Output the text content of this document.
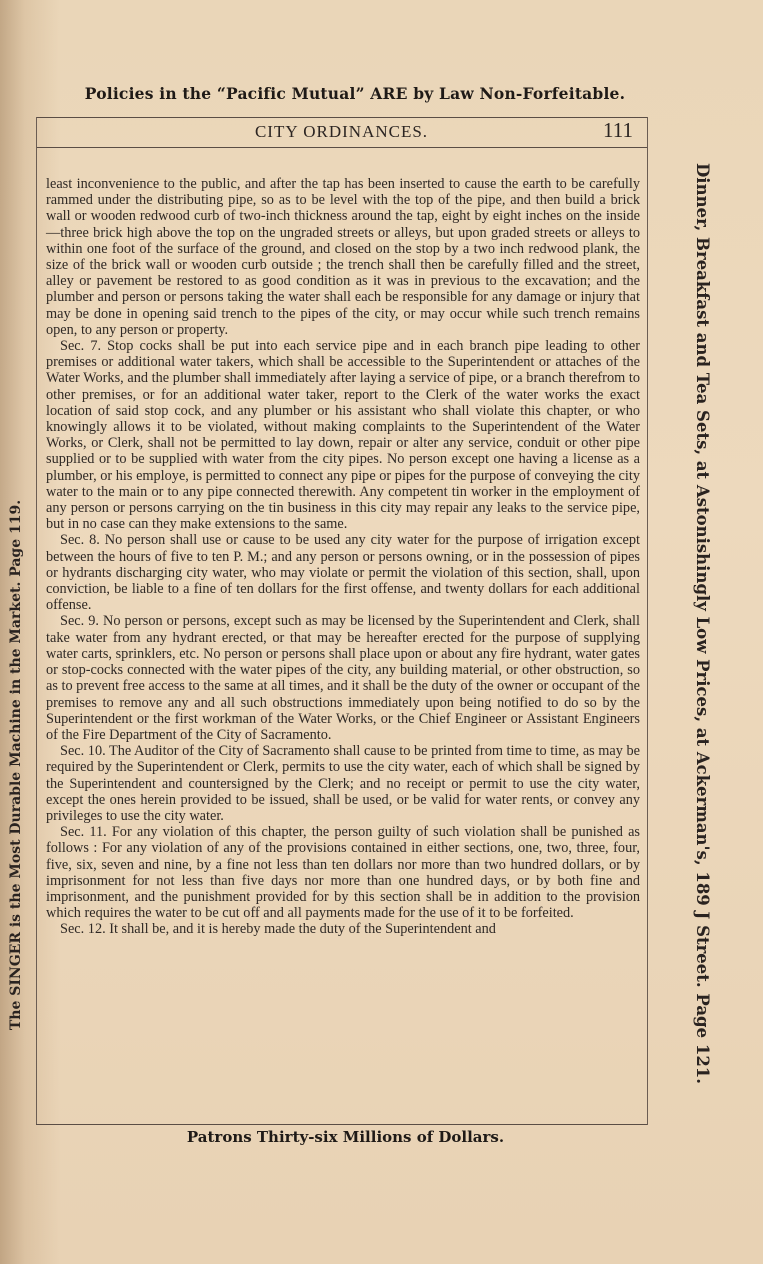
Policies in the “Pacific Mutual” ARE by Law Non-Forfeitable.
CITY ORDINANCES.	111
The SINGER is the Most Durable Machine in the Market. Page 119.	Dinner, Breakfast and Tea Sets, at Astonishingly Low Prices, at Ackerman's, 189 J Street. Page 121.

least inconvenience to the public, and after the tap has been inserted to cause the earth to be carefully rammed under the distributing pipe, so as to be level with the top of the pipe, and then build a brick wall or wooden redwood curb of two-inch thickness around the tap, eight by eight inches on the inside—three brick high above the top on the ungraded streets or alleys, but upon graded streets or alleys to within one foot of the surface of the ground, and closed on the stop by a two inch redwood plank, the size of the brick wall or wooden curb outside ; the trench shall then be carefully filled and the street, alley or pavement be restored to as good condition as it was in previous to the excavation; and the plumber and person or persons taking the water shall each be responsible for any damage or injury that may be done in opening said trench to the pipes of the city, or may occur while such trench remains open, to any person or property.

Sec. 7. Stop cocks shall be put into each service pipe and in each branch pipe leading to other premises or additional water takers, which shall be accessible to the Superintendent or attaches of the Water Works, and the plumber shall immediately after laying a service of pipe, or a branch therefrom to other premises, or for an additional water taker, report to the Clerk of the water works the exact location of said stop cock, and any plumber or his assistant who shall violate this chapter, or who knowingly allows it to be violated, without making complaints to the Superintendent of the Water Works, or Clerk, shall not be permitted to lay down, repair or alter any service, conduit or other pipe supplied or to be supplied with water from the city pipes. No person except one having a license as a plumber, or his employe, is permitted to connect any pipe or pipes for the purpose of conveying the city water to the main or to any pipe connected therewith. Any competent tin worker in the employment of any person or persons carrying on the tin business in this city may repair any leaks to the service pipe, but in no case can they make extensions to the same.

Sec. 8. No person shall use or cause to be used any city water for the purpose of irrigation except between the hours of five to ten P. M.; and any person or persons owning, or in the possession of pipes or hydrants discharging city water, who may violate or permit the violation of this section, shall, upon conviction, be liable to a fine of ten dollars for the first offense, and twenty dollars for each additional offense.

Sec. 9. No person or persons, except such as may be licensed by the Superintendent and Clerk, shall take water from any hydrant erected, or that may be hereafter erected for the purpose of supplying water carts, sprinklers, etc. No person or persons shall place upon or about any fire hydrant, water gates or stop-cocks connected with the water pipes of the city, any building material, or other obstruction, so as to prevent free access to the same at all times, and it shall be the duty of the owner or occupant of the premises to remove any and all such obstructions immediately upon being notified to do so by the Superintendent or the first workman of the Water Works, or the Chief Engineer or Assistant Engineers of the Fire Department of the City of Sacramento.

Sec. 10. The Auditor of the City of Sacramento shall cause to be printed from time to time, as may be required by the Superintendent or Clerk, permits to use the city water, each of which shall be signed by the Superintendent and countersigned by the Clerk; and no receipt or permit to use the city water, except the ones herein provided to be issued, shall be used, or be valid for water rents, or convey any privileges to use the city water.

Sec. 11. For any violation of this chapter, the person guilty of such violation shall be punished as follows : For any violation of any of the provisions contained in either sections, one, two, three, four, five, six, seven and nine, by a fine not less than ten dollars nor more than two hundred dollars, or by imprisonment for not less than five days nor more than one hundred days, or by both fine and imprisonment, and the punishment provided for by this section shall be in addition to the provision which requires the water to be cut off and all payments made for the use of it to be forfeited.

Sec. 12. It shall be, and it is hereby made the duty of the Superintendent and

Patrons Thirty-six Millions of Dollars.
